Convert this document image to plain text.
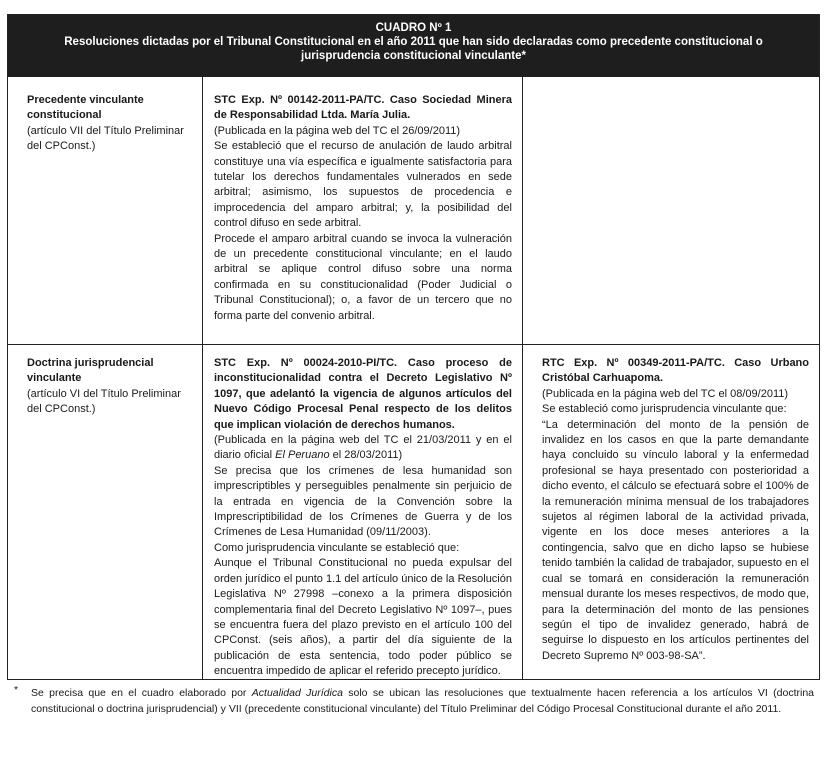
CUADRO Nº 1
Resoluciones dictadas por el Tribunal Constitucional en el año 2011 que han sido declaradas como precedente constitucional o
jurisprudencia constitucional vinculante*
Precedente vinculante constitucional
(artículo VII del Título Preliminar del CPConst.)
STC Exp. Nº 00142-2011-PA/TC. Caso Sociedad Minera de Responsabilidad Ltda. María Julia.
(Publicada en la página web del TC el 26/09/2011)
Se estableció que el recurso de anulación de laudo arbitral constituye una vía específica e igualmente satisfactoria para tutelar los derechos fundamentales vulnerados en sede arbitral; asimismo, los supuestos de procedencia e improcedencia del amparo arbitral; y, la posibilidad del control difuso en sede arbitral.
Procede el amparo arbitral cuando se invoca la vulneración de un precedente constitucional vinculante; en el laudo arbitral se aplique control difuso sobre una norma confirmada en su constitucionalidad (Poder Judicial o Tribunal Constitucional); o, a favor de un tercero que no forma parte del convenio arbitral.
Doctrina jurisprudencial vinculante
(artículo VI del Título Preliminar del CPConst.)
STC Exp. Nº 00024-2010-PI/TC. Caso proceso de inconstitucionalidad contra el Decreto Legislativo Nº 1097, que adelantó la vigencia de algunos artículos del Nuevo Código Procesal Penal respecto de los delitos que implican violación de derechos humanos.
(Publicada en la página web del TC el 21/03/2011 y en el diario oficial El Peruano el 28/03/2011)
Se precisa que los crímenes de lesa humanidad son imprescriptibles y perseguibles penalmente sin perjuicio de la entrada en vigencia de la Convención sobre la Imprescriptibilidad de los Crímenes de Guerra y de los Crímenes de Lesa Humanidad (09/11/2003).
Como jurisprudencia vinculante se estableció que:
Aunque el Tribunal Constitucional no pueda expulsar del orden jurídico el punto 1.1 del artículo único de la Resolución Legislativa Nº 27998 –conexo a la primera disposición complementaria final del Decreto Legislativo Nº 1097–, pues se encuentra fuera del plazo previsto en el artículo 100 del CPConst. (seis años), a partir del día siguiente de la publicación de esta sentencia, todo poder público se encuentra impedido de aplicar el referido precepto jurídico.
RTC Exp. Nº 00349-2011-PA/TC. Caso Urbano Cristóbal Carhuapoma.
(Publicada en la página web del TC el 08/09/2011)
Se estableció como jurisprudencia vinculante que:
“La determinación del monto de la pensión de invalidez en los casos en que la parte demandante haya concluido su vínculo laboral y la enfermedad profesional se haya presentado con posterioridad a dicho evento, el cálculo se efectuará sobre el 100% de la remuneración mínima mensual de los trabajadores sujetos al régimen laboral de la actividad privada, vigente en los doce meses anteriores a la contingencia, salvo que en dicho lapso se hubiese tenido también la calidad de trabajador, supuesto en el cual se tomará en consideración la remuneración mensual durante los meses respectivos, de modo que, para la determinación del monto de las pensiones según el tipo de invalidez generado, habrá de seguirse lo dispuesto en los artículos pertinentes del Decreto Supremo Nº 003-98-SA”.
*	Se precisa que en el cuadro elaborado por Actualidad Jurídica solo se ubican las resoluciones que textualmente hacen referencia a los artículos VI (doctrina constitucional o doctrina jurisprudencial) y VII (precedente constitucional vinculante) del Título Preliminar del Código Procesal Constitucional durante el año 2011.
